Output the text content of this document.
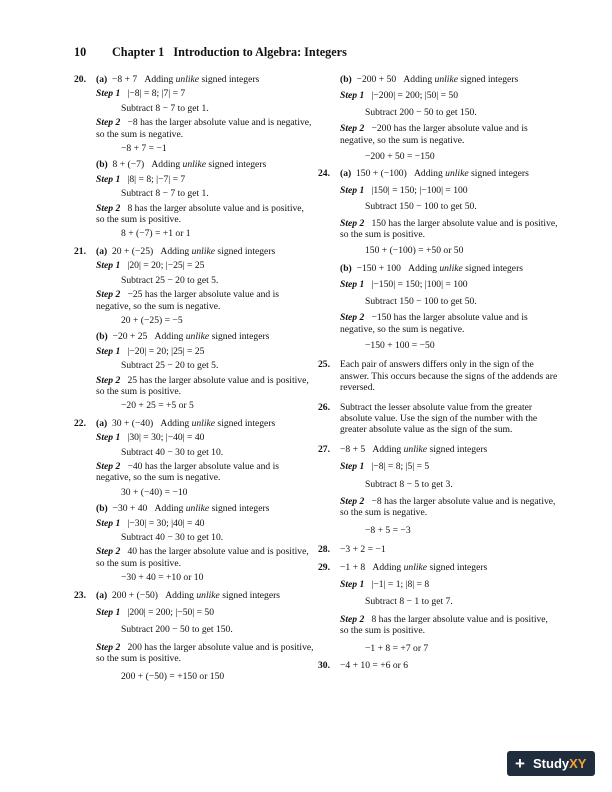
10 Chapter 1 Introduction to Algebra: Integers
20. (a) −8 + 7 Adding unlike signed integers

Step 1 |−8| = 8; |7| = 7

Subtract 8 − 7 to get 1.

Step 2 −8 has the larger absolute value and is negative, so the sum is negative.

−8 + 7 = −1

(b) 8 + (−7) Adding unlike signed integers

Step 1 |8| = 8; |−7| = 7

Subtract 8 − 7 to get 1.

Step 2 8 has the larger absolute value and is positive, so the sum is positive.

8 + (−7) = +1 or 1

21. (a) 20 + (−25) Adding unlike signed integers

Step 1 |20| = 20; |−25| = 25

Subtract 25 − 20 to get 5.

Step 2 −25 has the larger absolute value and is negative, so the sum is negative.

20 + (−25) = −5

(b) −20 + 25 Adding unlike signed integers

Step 1 |−20| = 20; |25| = 25

Subtract 25 − 20 to get 5.

Step 2 25 has the larger absolute value and is positive, so the sum is positive.

−20 + 25 = +5 or 5

22. (a) 30 + (−40) Adding unlike signed integers

Step 1 |30| = 30; |−40| = 40

Subtract 40 − 30 to get 10.

Step 2 −40 has the larger absolute value and is negative, so the sum is negative.

30 + (−40) = −10

(b) −30 + 40 Adding unlike signed integers

Step 1 |−30| = 30; |40| = 40

Subtract 40 − 30 to get 10.

Step 2 40 has the larger absolute value and is positive, so the sum is positive.

−30 + 40 = +10 or 10

23. (a) 200 + (−50) Adding unlike signed integers

Step 1 |200| = 200; |−50| = 50

Subtract 200 − 50 to get 150.

Step 2 200 has the larger absolute value and is positive, so the sum is positive.

200 + (−50) = +150 or 150

(b) −200 + 50 Adding unlike signed integers

Step 1 |−200| = 200; |50| = 50

Subtract 200 − 50 to get 150.

Step 2 −200 has the larger absolute value and is negative, so the sum is negative.

−200 + 50 = −150

24. (a) 150 + (−100) Adding unlike signed integers

Step 1 |150| = 150; |−100| = 100

Subtract 150 − 100 to get 50.

Step 2 150 has the larger absolute value and is positive, so the sum is positive.

150 + (−100) = +50 or 50

(b) −150 + 100 Adding unlike signed integers

Step 1 |−150| = 150; |100| = 100

Subtract 150 − 100 to get 50.

Step 2 −150 has the larger absolute value and is negative, so the sum is negative.

−150 + 100 = −50

25. Each pair of answers differs only in the sign of the answer. This occurs because the signs of the addends are reversed.

26. Subtract the lesser absolute value from the greater absolute value. Use the sign of the number with the greater absolute value as the sign of the sum.

27. −8 + 5 Adding unlike signed integers

Step 1 |−8| = 8; |5| = 5

Subtract 8 − 5 to get 3.

Step 2 −8 has the larger absolute value and is negative, so the sum is negative.

−8 + 5 = −3

28. −3 + 2 = −1

29. −1 + 8 Adding unlike signed integers

Step 1 |−1| = 1; |8| = 8

Subtract 8 − 1 to get 7.

Step 2 8 has the larger absolute value and is positive, so the sum is positive.

−1 + 8 = +7 or 7

30. −4 + 10 = +6 or 6

+ StudyXY
